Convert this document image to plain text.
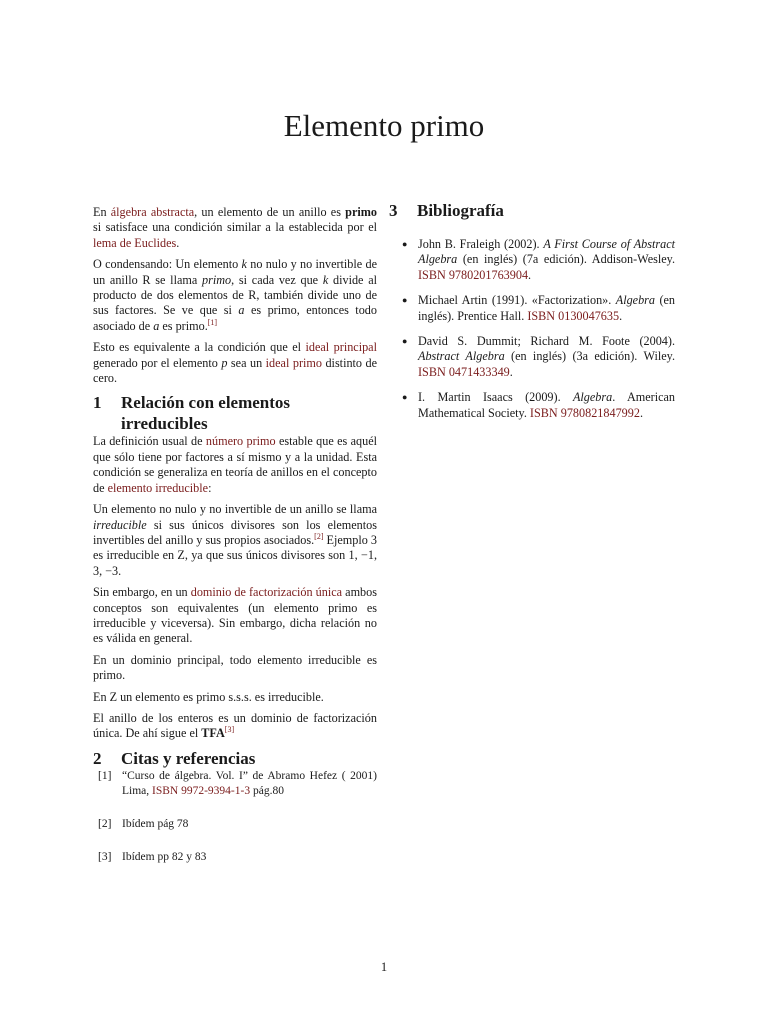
Elemento primo

En álgebra abstracta, un elemento de un anillo es primo si satisface una condición similar a la establecida por el lema de Euclides.

O condensando: Un elemento k no nulo y no invertible de un anillo R se llama primo, si cada vez que k divide al producto de dos elementos de R, también divide uno de sus factores. Se ve que si a es primo, entonces todo asociado de a es primo.[1]

Esto es equivalente a la condición que el ideal principal generado por el elemento p sea un ideal primo distinto de cero.

1	Relación con elementos irreducibles

La definición usual de número primo estable que es aquél que sólo tiene por factores a sí mismo y a la unidad. Esta condición se generaliza en teoría de anillos en el concepto de elemento irreducible:

Un elemento no nulo y no invertible de un anillo se llama irreducible si sus únicos divisores son los elementos invertibles del anillo y sus propios asociados.[2] Ejemplo 3 es irreducible en Z, ya que sus únicos divisores son 1, −1, 3, −3.

Sin embargo, en un dominio de factorización única ambos conceptos son equivalentes (un elemento primo es irreducible y viceversa). Sin embargo, dicha relación no es válida en general.

En un dominio principal, todo elemento irreducible es primo.

En Z un elemento es primo s.s.s. es irreducible.

El anillo de los enteros es un dominio de factorización única. De ahí sigue el TFA[3]

2	Citas y referencias
[1] “Curso de álgebra. Vol. I” de Abramo Hefez ( 2001) Lima, ISBN 9972-9394-1-3 pág.80
[2] Ibídem pág 78
[3] Ibídem pp 82 y 83
3	Bibliografía
● John B. Fraleigh (2002). A First Course of Abstract Algebra (en inglés) (7a edición). Addison-Wesley. ISBN 9780201763904.
● Michael Artin (1991). «Factorization». Algebra (en inglés). Prentice Hall. ISBN 0130047635.
● David S. Dummit; Richard M. Foote (2004). Abstract Algebra (en inglés) (3a edición). Wiley. ISBN 0471433349.
● I. Martin Isaacs (2009). Algebra. American Mathematical Society. ISBN 9780821847992.
1
